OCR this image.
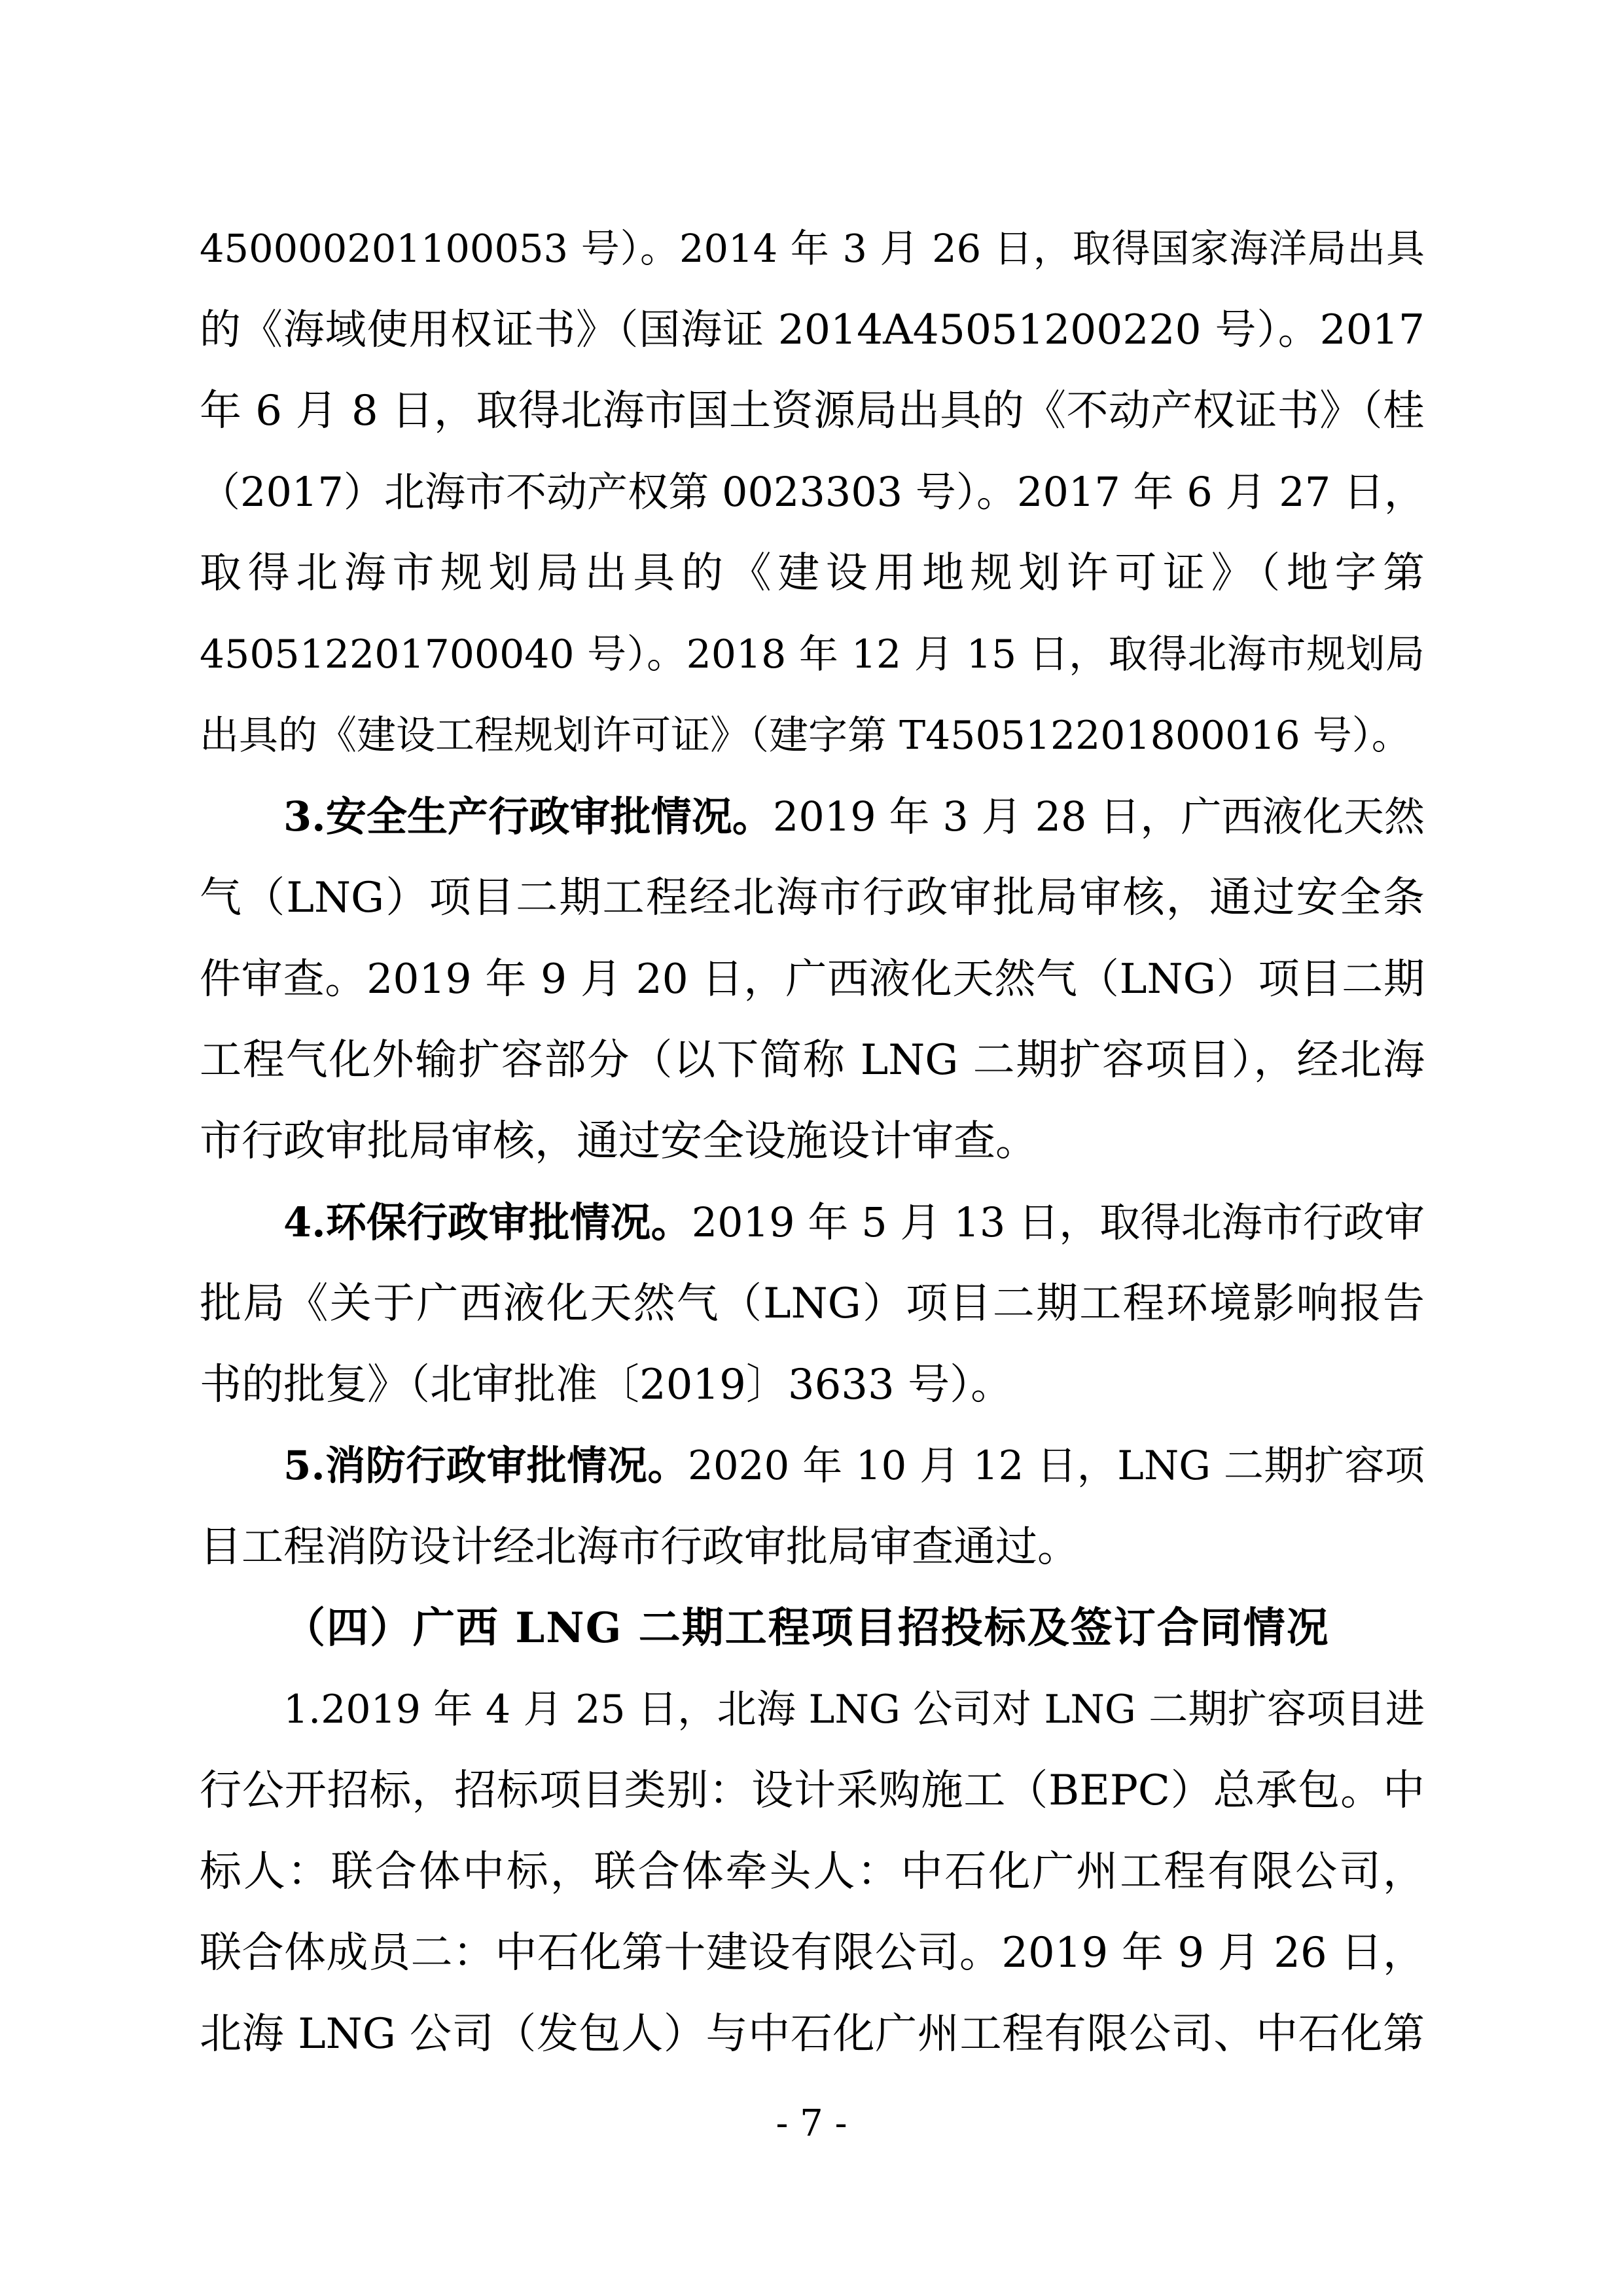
450000201100053 号）。2014 年 3 月 26 日，取得国家海洋局出具
的《海域使用权证书》（国海证 2014A45051200220 号）。2017
年 6 月 8 日，取得北海市国土资源局出具的《不动产权证书》（桂
（2017）北海市不动产权第 0023303 号）。2017 年 6 月 27 日，
取得北海市规划局出具的《建设用地规划许可证》（地字第
450512201700040 号）。2018 年 12 月 15 日，取得北海市规划局
出具的《建设工程规划许可证》（建字第 T450512201800016 号）。
3.安全生产行政审批情况。2019 年 3 月 28 日，广西液化天然
气（LNG）项目二期工程经北海市行政审批局审核，通过安全条
件审查。2019 年 9 月 20 日，广西液化天然气（LNG）项目二期
工程气化外输扩容部分（以下简称 LNG 二期扩容项目），经北海
市行政审批局审核，通过安全设施设计审查。
4.环保行政审批情况。2019 年 5 月 13 日，取得北海市行政审
批局《关于广西液化天然气（LNG）项目二期工程环境影响报告
书的批复》（北审批准〔2019〕3633 号）。
5.消防行政审批情况。2020 年 10 月 12 日，LNG 二期扩容项
目工程消防设计经北海市行政审批局审查通过。
（四）广西 LNG 二期工程项目招投标及签订合同情况
1.2019 年 4 月 25 日，北海 LNG 公司对 LNG 二期扩容项目进
行公开招标，招标项目类别：设计采购施工（BEPC）总承包。中
标人：联合体中标，联合体牵头人：中石化广州工程有限公司，
联合体成员二：中石化第十建设有限公司。2019 年 9 月 26 日，
北海 LNG 公司（发包人）与中石化广州工程有限公司、中石化第
- 7 -
